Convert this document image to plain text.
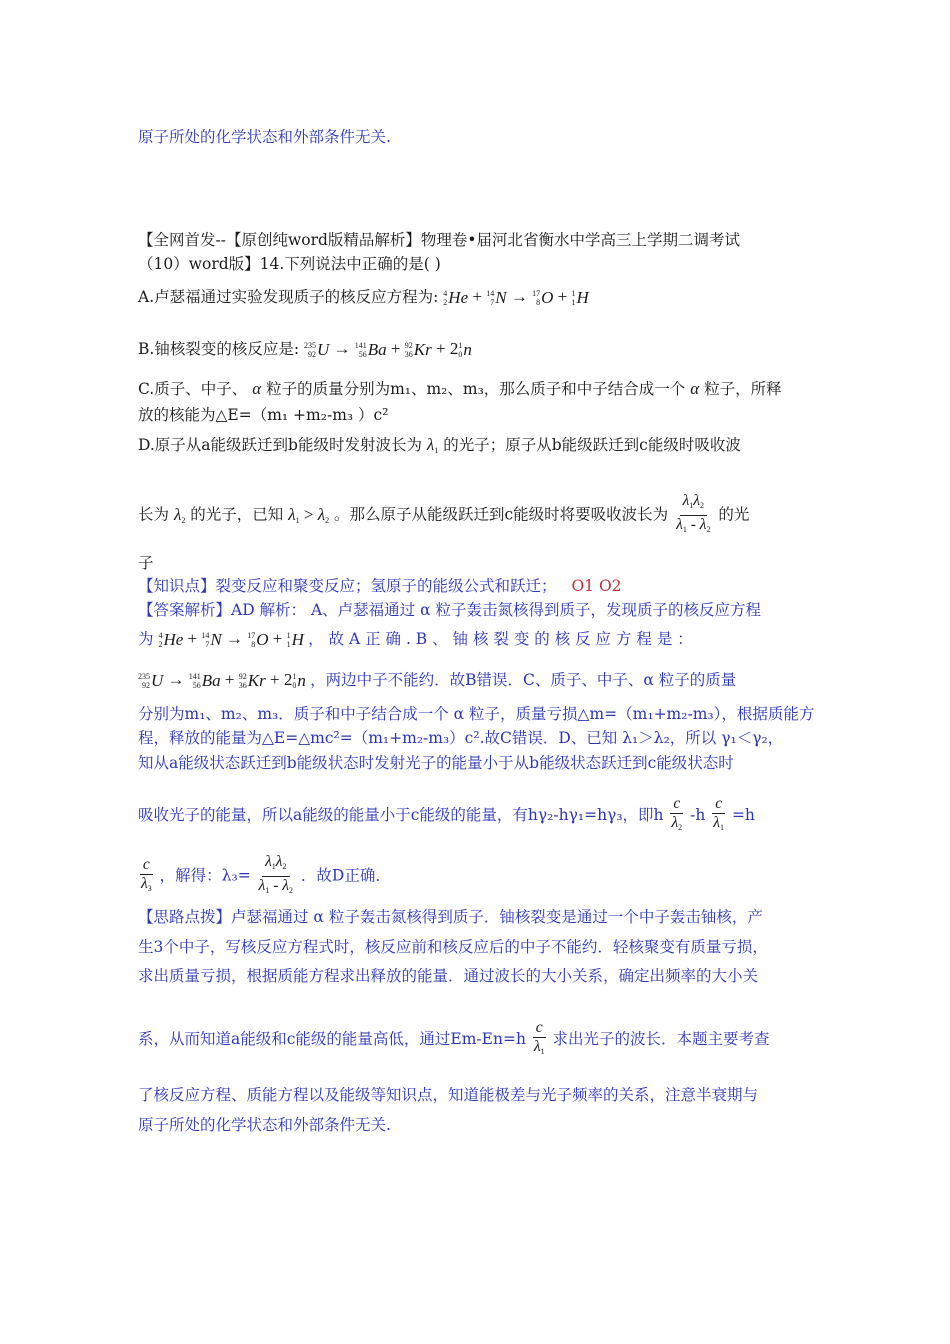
原子所处的化学状态和外部条件无关.
【全网首发--【原创纯word版精品解析】物理卷•届河北省衡水中学高三上学期二调考试
（10）word版】14.下列说法中正确的是( )
A.卢瑟福通过实验发现质子的核反应方程为: 4
2 He + 14
7 N → 17
8 O + 1
1 H
B.铀核裂变的核反应是: 235
92 U → 141
56 Ba + 92
36 Kr + 2 1
0 n
C.质子、中子、 α 粒子的质量分别为m₁、m₂、m₃，那么质子和中子结合成一个 α 粒子，所释
放的核能为△E=（m₁ +m₂-m₃ ）c²
D.原子从a能级跃迁到b能级时发射波长为 $\lambda_1$ 的光子；原子从b能级跃迁到c能级时吸收波
长为 $\lambda_2$ 的光子，已知 $\lambda_1 > \lambda_2$ 。那么原子从能级跃迁到c能级时将要吸收波长为 $\frac{\lambda_1\lambda_2}{\lambda_1 - \lambda_2}$ 的光
子
【知识点】裂变反应和聚变反应；氢原子的能级公式和跃迁； O1 O2
【答案解析】AD 解析： A、卢瑟福通过 α 粒子轰击氮核得到质子，发现质子的核反应方程
为 4
2 He + 14
7 N → 17
8 O + 1
1 H ， 故 A 正 确 . B 、 铀 核 裂 变 的 核 反 应 方 程 是 ：
235
92 U → 141
56 Ba + 92
36 Kr + 2 1
0 n ，两边中子不能约．故B错误．C、质子、中子、α 粒子的质量
分别为m₁、m₂、m₃．质子和中子结合成一个 α 粒子，质量亏损△m=（m₁+m₂-m₃），根据质能方
程，释放的能量为△E=△mc²=（m₁+m₂-m₃）c².故C错误．D、已知 λ₁＞λ₂，所以 γ₁＜γ₂，
知从a能级状态跃迁到b能级状态时发射光子的能量小于从b能级状态跃迁到c能级状态时
吸收光子的能量，所以a能级的能量小于c能级的能量，有hγ₂-hγ₁=hγ₃，即h $\frac{c}{\lambda_2} -h \frac{c}{\lambda_1} =h$
$\frac{c}{\lambda_3}$ ，解得：$\lambda_3= \frac{\lambda_1\lambda_2}{\lambda_1 - \lambda_2}$ ．故D正确．
【思路点拨】卢瑟福通过 α 粒子轰击氮核得到质子．铀核裂变是通过一个中子轰击铀核，产
生3个中子，写核反应方程式时，核反应前和核反应后的中子不能约．轻核聚变有质量亏损，
求出质量亏损，根据质能方程求出释放的能量．通过波长的大小关系，确定出频率的大小关
系，从而知道a能级和c能级的能量高低，通过$Em-En=h \frac{c}{\lambda_1}$ 求出光子的波长．本题主要考查
了核反应方程、质能方程以及能级等知识点，知道能极差与光子频率的关系，注意半衰期与
原子所处的化学状态和外部条件无关.
